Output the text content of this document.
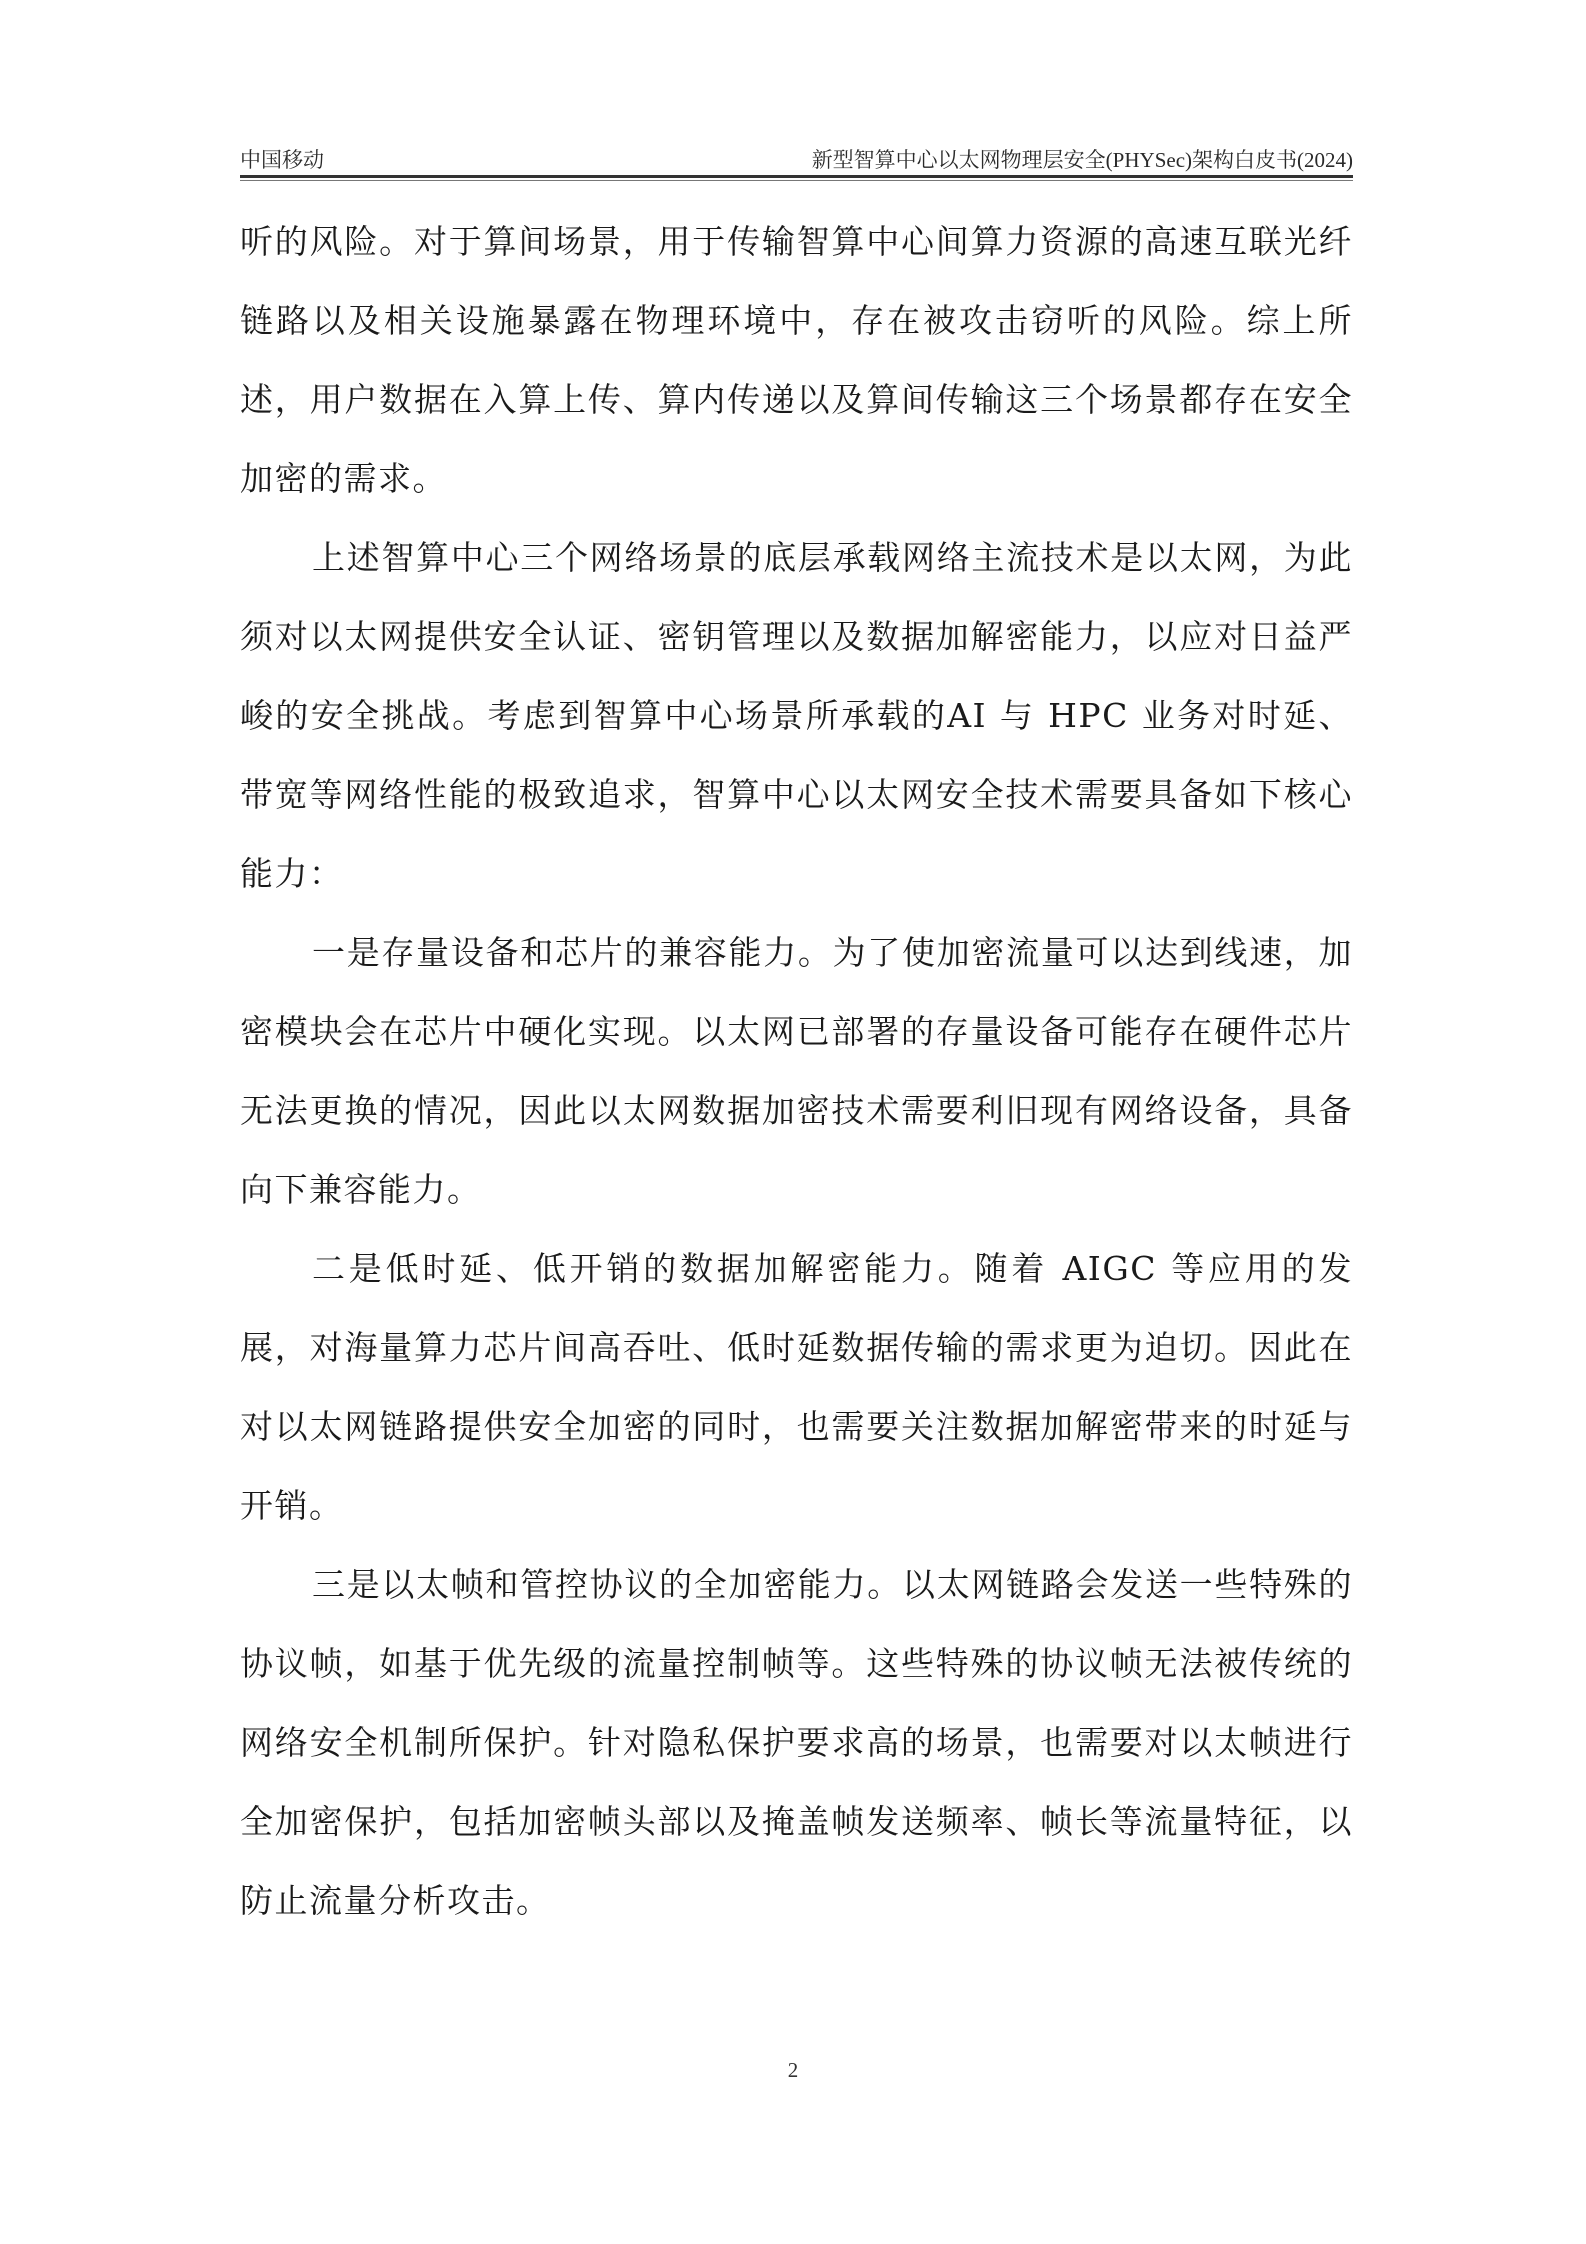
中国移动	新型智算中心以太网物理层安全(PHYSec)架构白皮书(2024)

听的风险。对于算间场景，用于传输智算中心间算力资源的高速互联光纤链路以及相关设施暴露在物理环境中，存在被攻击窃听的风险。综上所述，用户数据在入算上传、算内传递以及算间传输这三个场景都存在安全加密的需求。

上述智算中心三个网络场景的底层承载网络主流技术是以太网，为此须对以太网提供安全认证、密钥管理以及数据加解密能力，以应对日益严峻的安全挑战。考虑到智算中心场景所承载的AI 与 HPC 业务对时延、带宽等网络性能的极致追求，智算中心以太网安全技术需要具备如下核心能力：

一是存量设备和芯片的兼容能力。为了使加密流量可以达到线速，加密模块会在芯片中硬化实现。以太网已部署的存量设备可能存在硬件芯片无法更换的情况，因此以太网数据加密技术需要利旧现有网络设备，具备向下兼容能力。

二是低时延、低开销的数据加解密能力。随着 AIGC 等应用的发展，对海量算力芯片间高吞吐、低时延数据传输的需求更为迫切。因此在对以太网链路提供安全加密的同时，也需要关注数据加解密带来的时延与开销。

三是以太帧和管控协议的全加密能力。以太网链路会发送一些特殊的协议帧，如基于优先级的流量控制帧等。这些特殊的协议帧无法被传统的网络安全机制所保护。针对隐私保护要求高的场景，也需要对以太帧进行全加密保护，包括加密帧头部以及掩盖帧发送频率、帧长等流量特征，以防止流量分析攻击。

2
